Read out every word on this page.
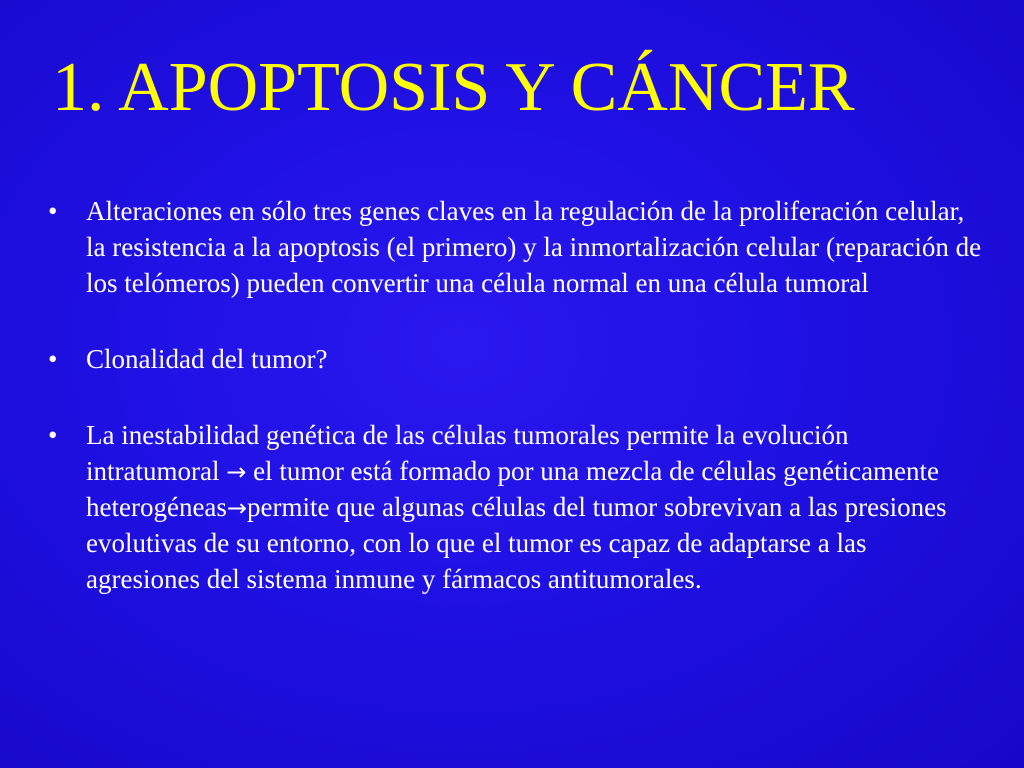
1. APOPTOSIS Y CÁNCER
• Alteraciones en sólo tres genes claves en la regulación de la proliferación celular, la resistencia a la apoptosis (el primero) y la inmortalización celular (reparación de los telómeros) pueden convertir una célula normal en una célula tumoral
• Clonalidad del tumor?
• La inestabilidad genética de las células tumorales permite la evolución intratumoral → el tumor está formado por una mezcla de células genéticamente heterogéneas→permite que algunas células del tumor sobrevivan a las presiones evolutivas de su entorno, con lo que el tumor es capaz de adaptarse a las agresiones del sistema inmune y fármacos antitumorales.
